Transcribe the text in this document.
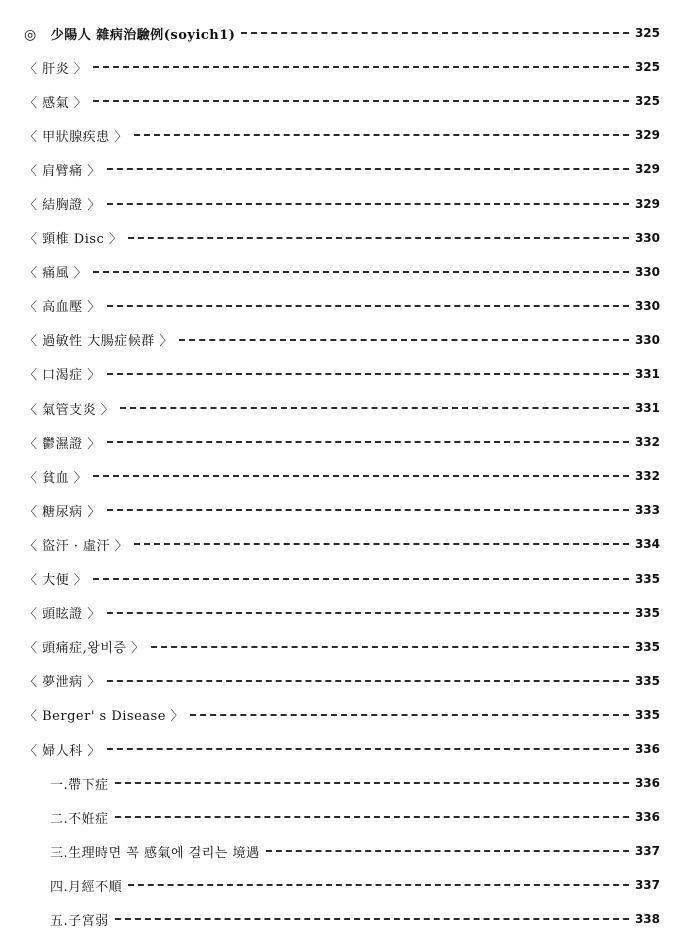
◎ 少陽人 雜病治驗例(soyich1)	325
〈 肝炎 〉	325
〈 感氣 〉	325
〈 甲狀腺疾患 〉	329
〈 肩臂痛 〉	329
〈 結胸證 〉	329
〈 頸椎 Disc 〉	330
〈 痛風 〉	330
〈 高血壓 〉	330
〈 過敏性 大腸症候群 〉	330
〈 口渴症 〉	331
〈 氣管支炎 〉	331
〈 鬱濕證 〉	332
〈 貧血 〉	332
〈 糖尿病 〉	333
〈 盜汗 · 虛汗 〉	334
〈 大便 〉	335
〈 頭眩證 〉	335
〈 頭痛症,왕비증 〉	335
〈 夢泄病 〉	335
〈 Berger' s Disease 〉	335
〈 婦人科 〉	336
一.帶下症	336
二.不姙症	336
三.生理時면 꼭 感氣에 걸리는 境遇	337
四.月經不順	337
五.子宮弱	338
